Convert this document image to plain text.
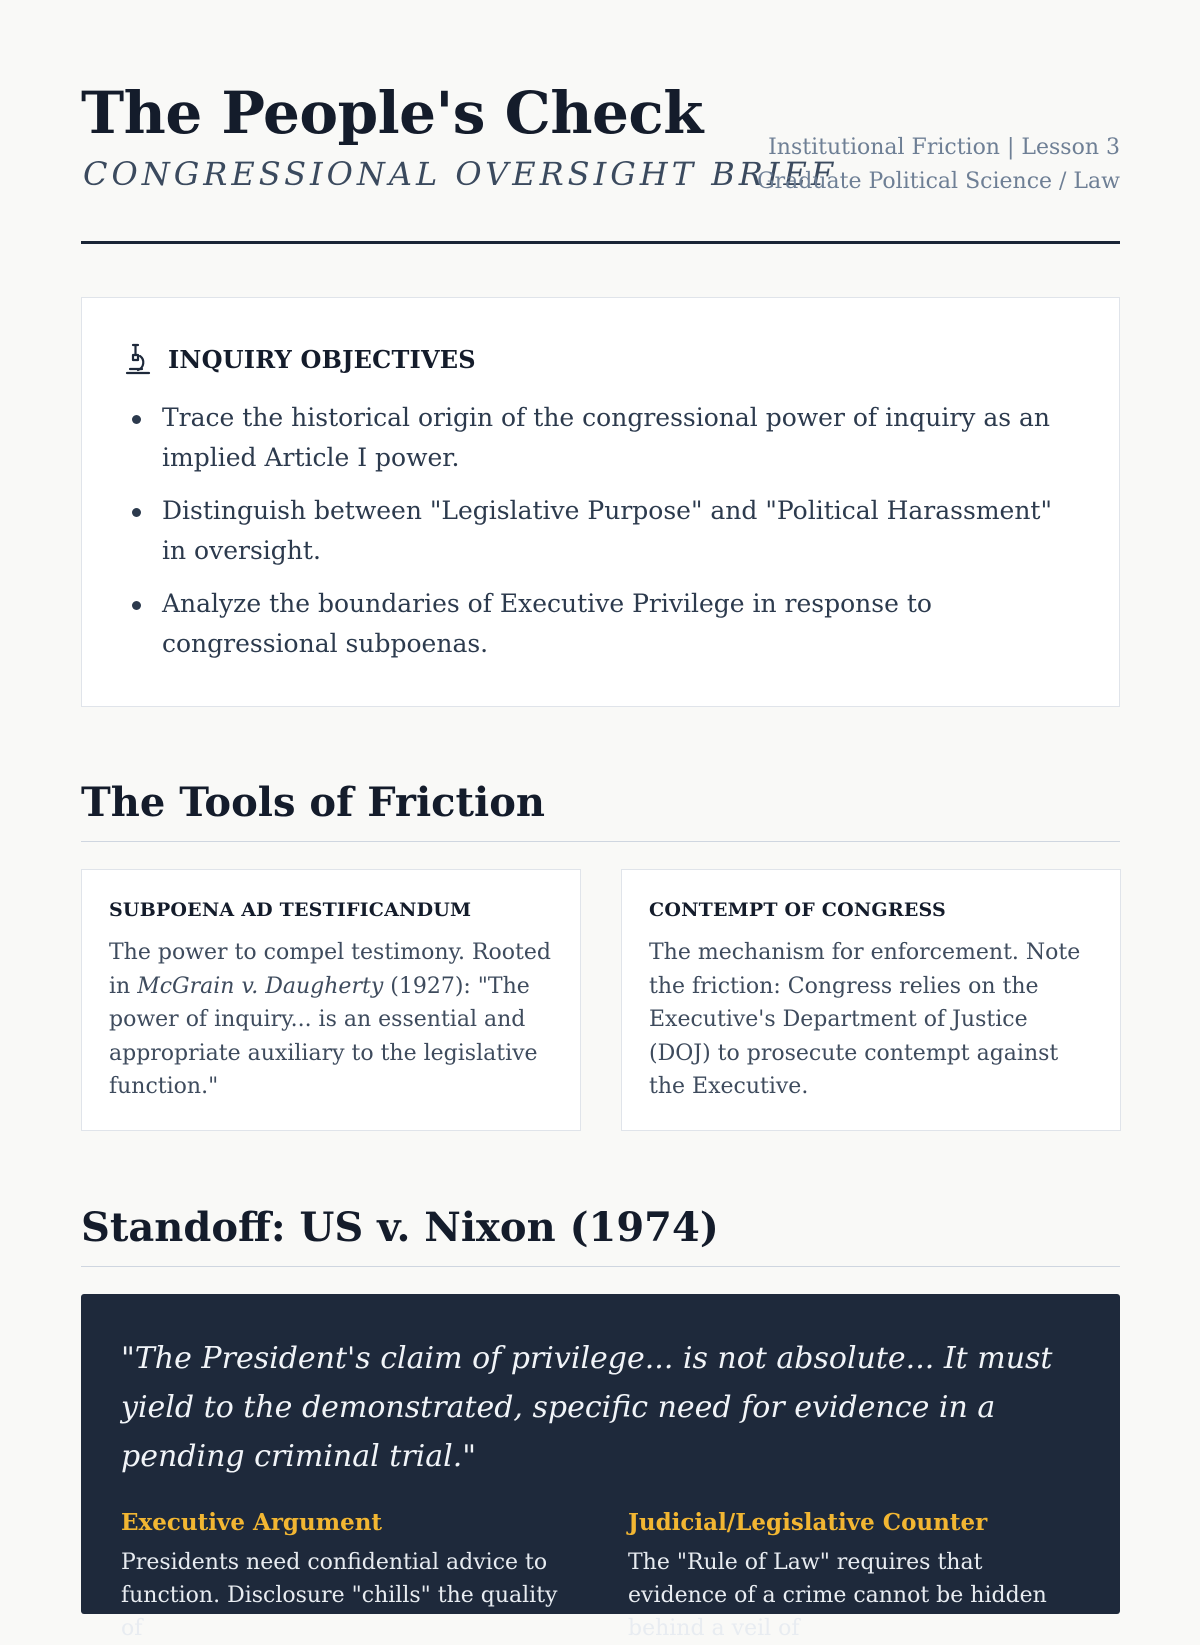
The People's Check
CONGRESSIONAL OVERSIGHT BRIEF
Institutional Friction | Lesson 3
Graduate Political Science / Law
INQUIRY OBJECTIVES
Trace the historical origin of the congressional power of inquiry as an implied Article I power.
Distinguish between "Legislative Purpose" and "Political Harassment" in oversight.
Analyze the boundaries of Executive Privilege in response to congressional subpoenas.
The Tools of Friction
SUBPOENA AD TESTIFICANDUM
The power to compel testimony. Rooted in McGrain v. Daugherty (1927): "The power of inquiry... is an essential and appropriate auxiliary to the legislative function."
CONTEMPT OF CONGRESS
The mechanism for enforcement. Note the friction: Congress relies on the Executive's Department of Justice (DOJ) to prosecute contempt against the Executive.
Standoff: US v. Nixon (1974)
"The President's claim of privilege... is not absolute... It must yield to the demonstrated, specific need for evidence in a pending criminal trial."
Executive Argument
Presidents need confidential advice to function. Disclosure "chills" the quality of
Judicial/Legislative Counter
The "Rule of Law" requires that evidence of a crime cannot be hidden behind a veil of
